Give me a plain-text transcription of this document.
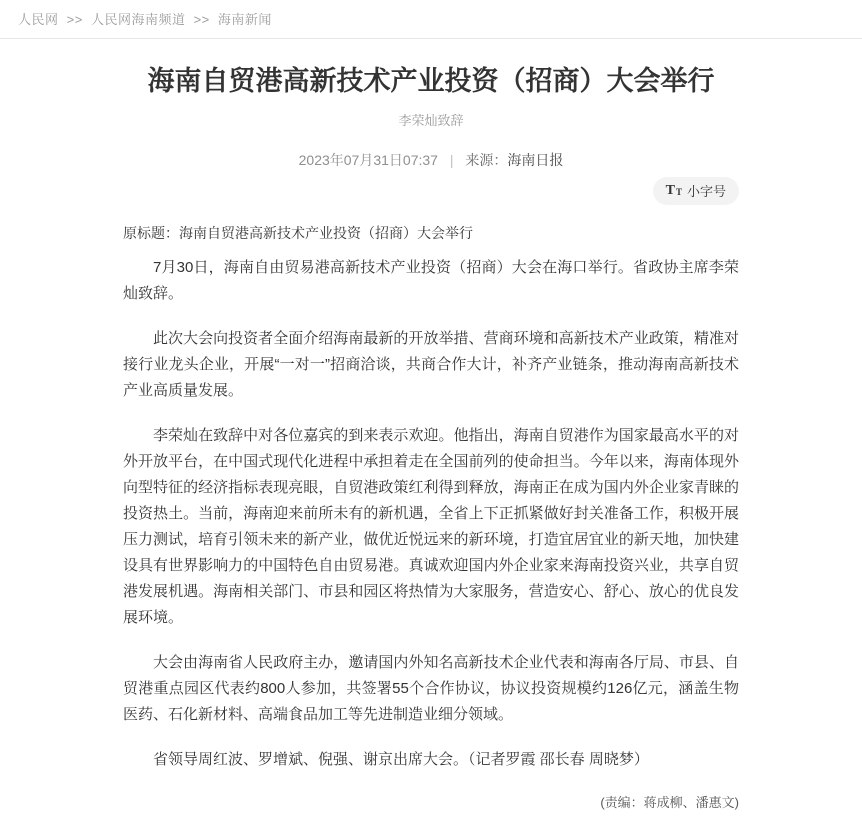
人民网 >> 人民网海南频道 >> 海南新闻
海南自贸港高新技术产业投资（招商）大会举行
李荣灿致辞
2023年07月31日07:37 | 来源：海南日报
T T 小字号
原标题：海南自贸港高新技术产业投资（招商）大会举行

7月30日，海南自由贸易港高新技术产业投资（招商）大会在海口举行。省政协主席李荣灿致辞。

此次大会向投资者全面介绍海南最新的开放举措、营商环境和高新技术产业政策，精准对接行业龙头企业，开展“一对一”招商洽谈，共商合作大计，补齐产业链条，推动海南高新技术产业高质量发展。

李荣灿在致辞中对各位嘉宾的到来表示欢迎。他指出，海南自贸港作为国家最高水平的对外开放平台，在中国式现代化进程中承担着走在全国前列的使命担当。今年以来，海南体现外向型特征的经济指标表现亮眼，自贸港政策红利得到释放，海南正在成为国内外企业家青睐的投资热土。当前，海南迎来前所未有的新机遇，全省上下正抓紧做好封关准备工作，积极开展压力测试，培育引领未来的新产业，做优近悦远来的新环境，打造宜居宜业的新天地，加快建设具有世界影响力的中国特色自由贸易港。真诚欢迎国内外企业家来海南投资兴业，共享自贸港发展机遇。海南相关部门、市县和园区将热情为大家服务，营造安心、舒心、放心的优良发展环境。

大会由海南省人民政府主办，邀请国内外知名高新技术企业代表和海南各厅局、市县、自贸港重点园区代表约800人参加，共签署55个合作协议，协议投资规模约126亿元，涵盖生物医药、石化新材料、高端食品加工等先进制造业细分领域。

省领导周红波、罗增斌、倪强、谢京出席大会。（记者罗霞 邵长春 周晓梦）

(责编：蒋成柳、潘惠文)
